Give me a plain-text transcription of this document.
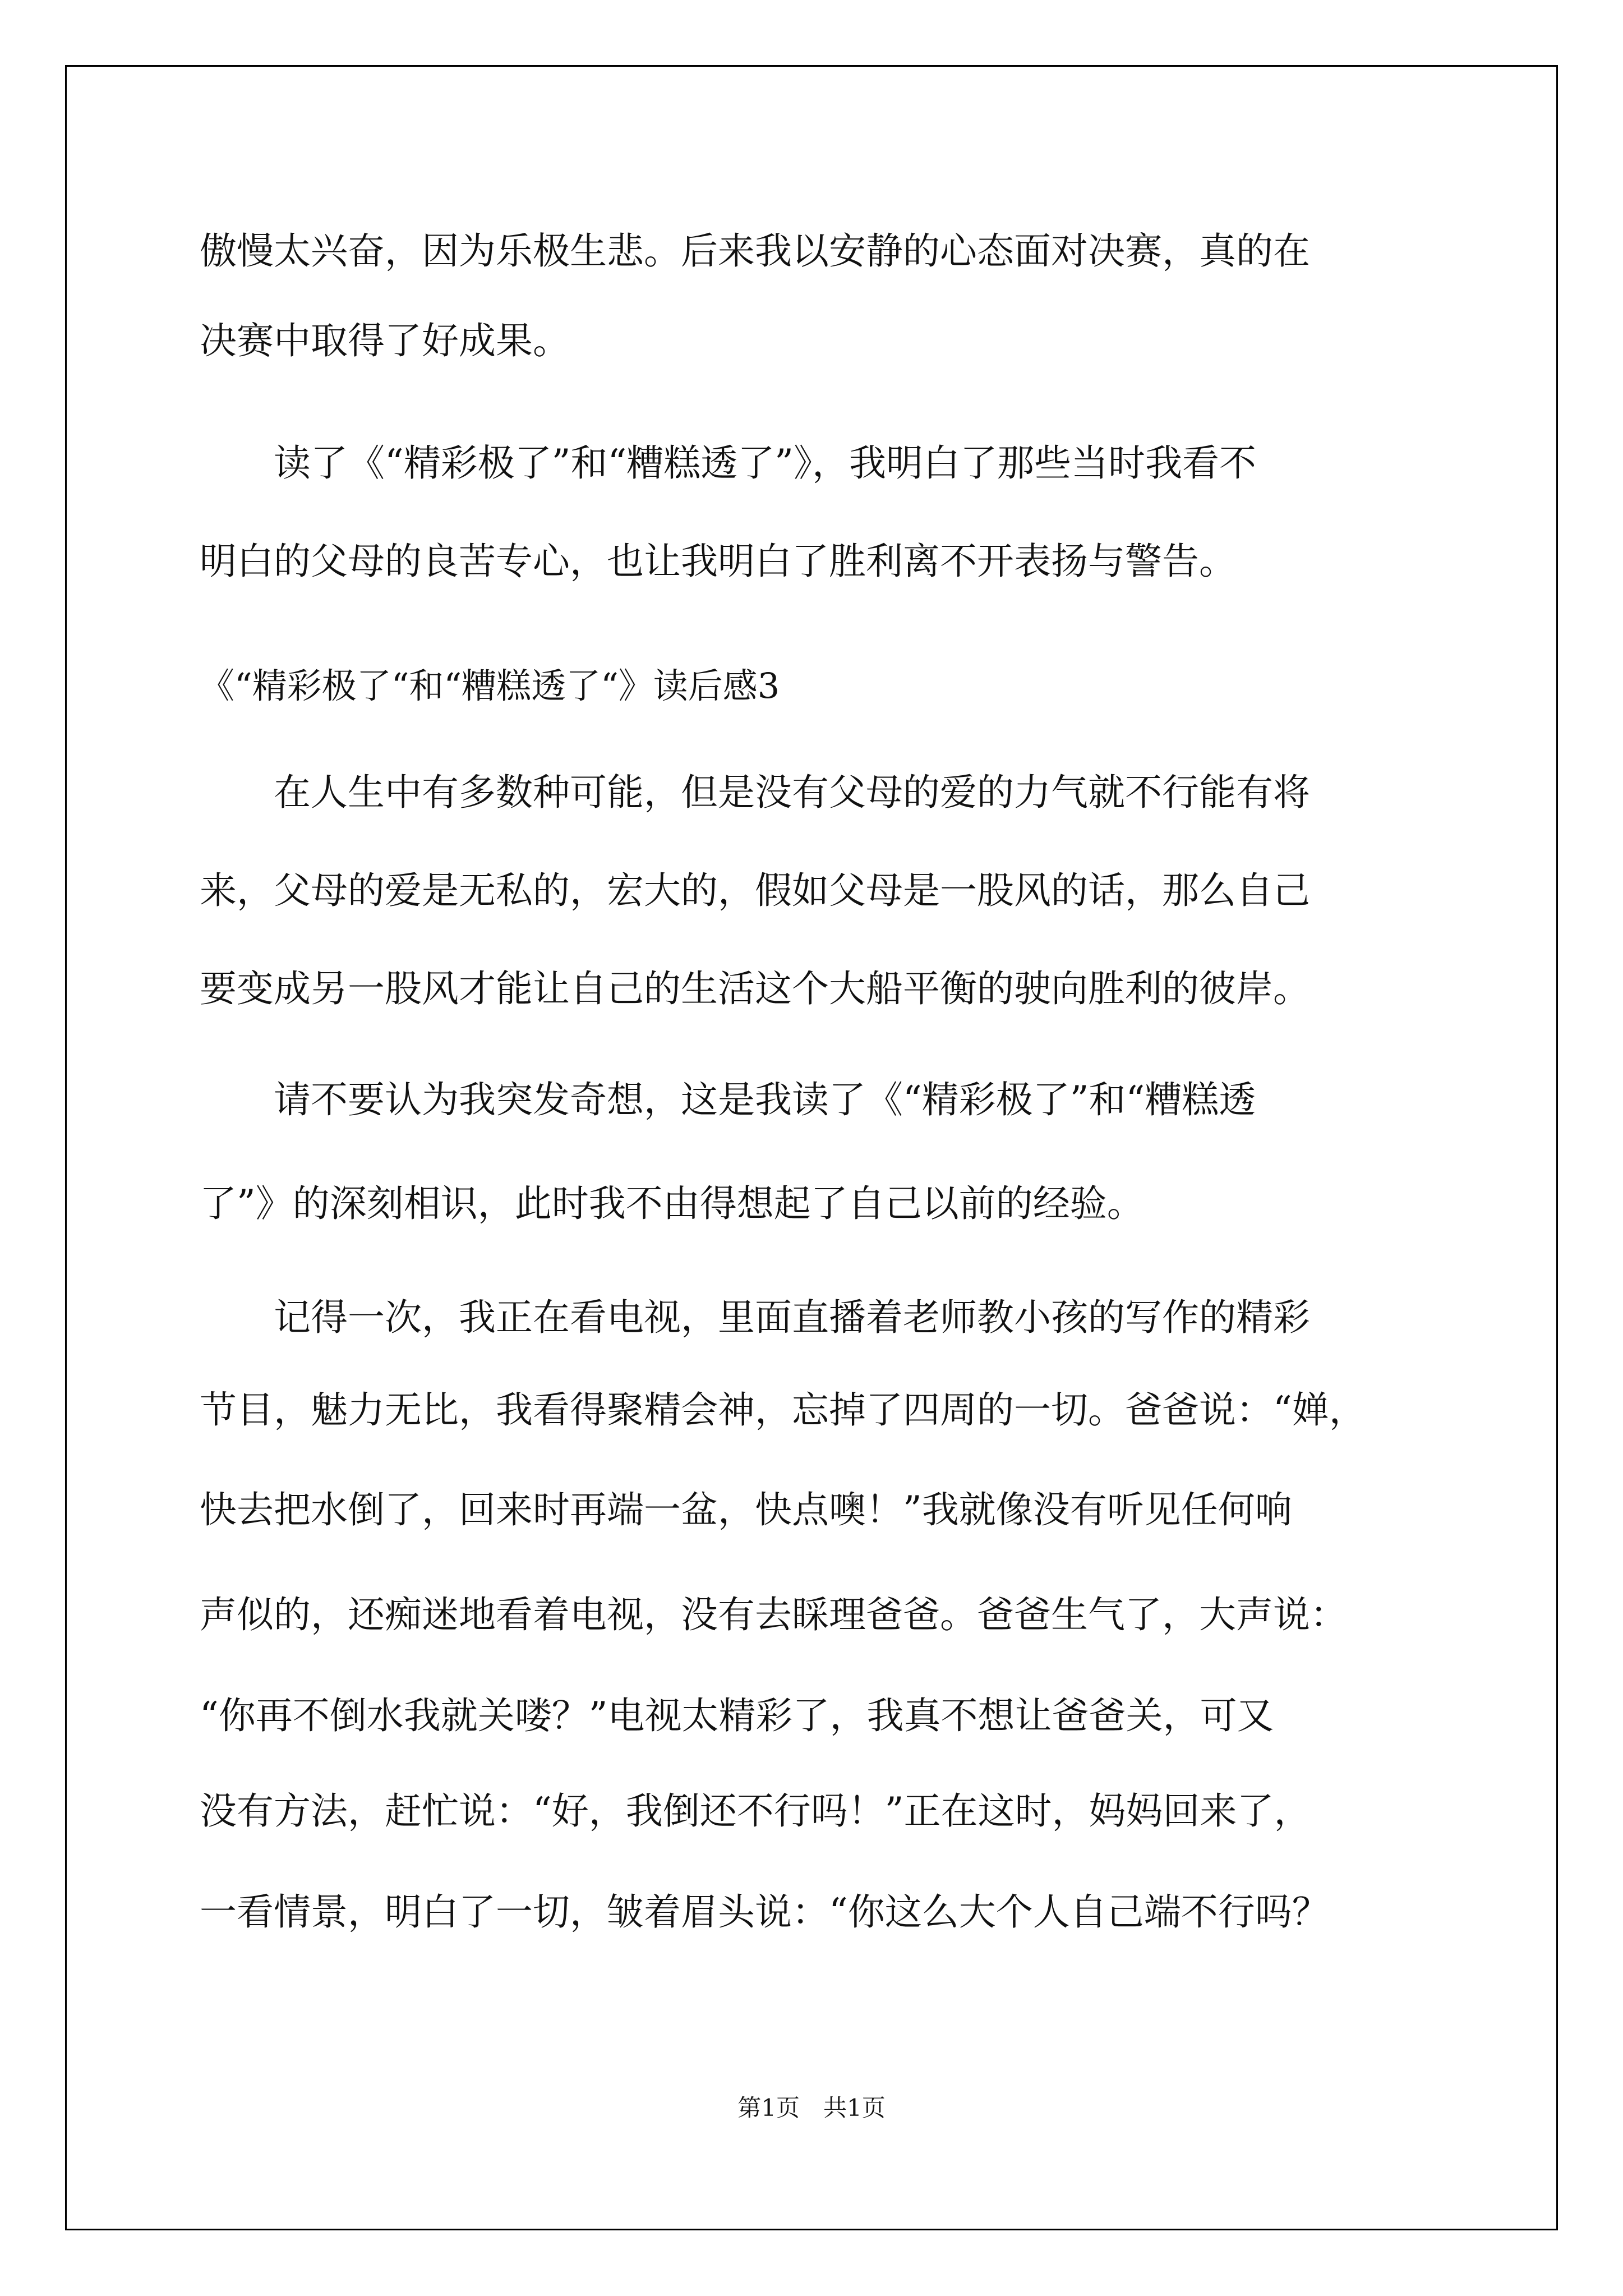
傲慢太兴奋，因为乐极生悲。后来我以安静的心态面对决赛，真的在
决赛中取得了好成果。
　　读了《“精彩极了”和“糟糕透了”》，我明白了那些当时我看不
明白的父母的良苦专心，也让我明白了胜利离不开表扬与警告。
《“精彩极了“和“糟糕透了“》读后感3
　　在人生中有多数种可能，但是没有父母的爱的力气就不行能有将
来，父母的爱是无私的，宏大的，假如父母是一股风的话，那么自己
要变成另一股风才能让自己的生活这个大船平衡的驶向胜利的彼岸。
　　请不要认为我突发奇想，这是我读了《“精彩极了”和“糟糕透
了”》的深刻相识，此时我不由得想起了自己以前的经验。
　　记得一次，我正在看电视，里面直播着老师教小孩的写作的精彩
节目，魅力无比，我看得聚精会神，忘掉了四周的一切。爸爸说：“婵，
快去把水倒了，回来时再端一盆，快点噢！”我就像没有听见任何响
声似的，还痴迷地看着电视，没有去睬理爸爸。爸爸生气了，大声说：
“你再不倒水我就关喽？”电视太精彩了，我真不想让爸爸关，可又
没有方法，赶忙说：“好，我倒还不行吗！”正在这时，妈妈回来了，
一看情景，明白了一切，皱着眉头说：“你这么大个人自己端不行吗？
第1页　共1页
